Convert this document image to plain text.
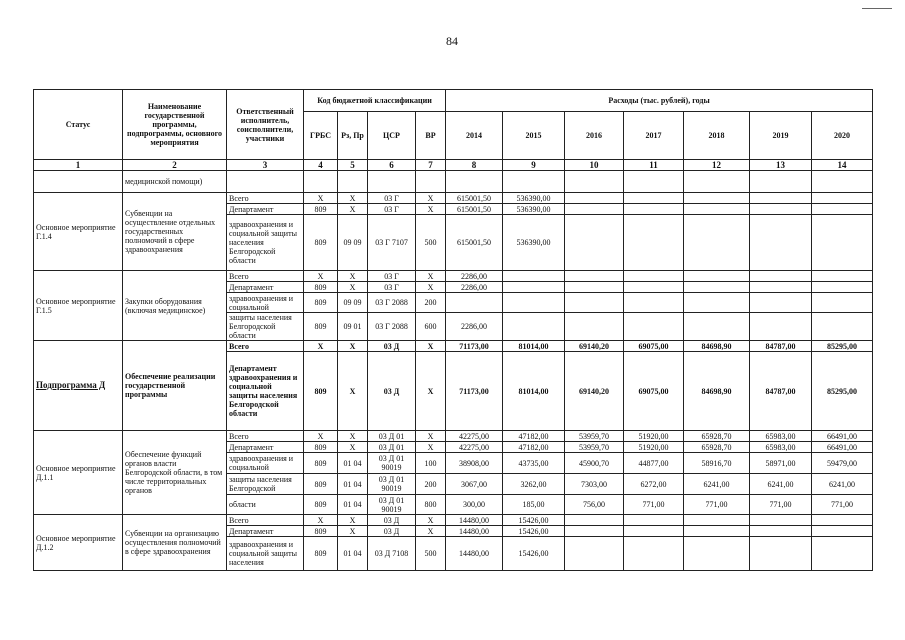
84
Статус	Наименование государственной программы, подпрограммы, основного мероприятия	Ответственный исполнитель, соисполнители, участники	Код бюджетной классификации				Расходы (тыс. рублей), годы						
			ГРБС	Рз, Пр	ЦСР	ВР	2014	2015	2016	2017	2018	2019	2020
1	2	3	4	5	6	7	8	9	10	11	12	13	14
	медицинской помощи)												
Основное мероприятие Г.1.4	Субвенции на осуществление отдельных государственных полномочий в сфере здравоохранения	Всего	X	X	03 Г	X	615001,50	536390,00					
		Департамент	809	X	03 Г	X	615001,50	536390,00					
		здравоохранения и социальной защиты населения Белгородской области	809	09 09	03 Г 7107	500	615001,50	536390,00					
Основное мероприятие Г.1.5	Закупки оборудования (включая медицинское)	Всего	X	X	03 Г	X	2286,00						
		Департамент	809	X	03 Г	X	2286,00						
		здравоохранения и социальной	809	09 09	03 Г 2088	200							
		защиты населения Белгородской области	809	09 01	03 Г 2088	600	2286,00						
Подпрограмма Д	Обеспечение реализации государственной программы	Всего	X	X	03 Д	X	71173,00	81014,00	69140,20	69075,00	84698,90	84787,00	85295,00
		Департамент здравоохранения и социальной защиты населения Белгородской области	809	X	03 Д	X	71173,00	81014,00	69140,20	69075,00	84698,90	84787,00	85295,00
Основное мероприятие Д.1.1	Обеспечение функций органов власти Белгородской области, в том числе территориальных органов	Всего	X	X	03 Д 01	X	42275,00	47182,00	53959,70	51920,00	65928,70	65983,00	66491,00
		Департамент	809	X	03 Д 01	X	42275,00	47182,00	53959,70	51920,00	65928,70	65983,00	66491,00
		здравоохранения и социальной	809	01 04	03 Д 01 90019	100	38908,00	43735,00	45900,70	44877,00	58916,70	58971,00	59479,00
		защиты населения Белгородской	809	01 04	03 Д 01 90019	200	3067,00	3262,00	7303,00	6272,00	6241,00	6241,00	6241,00
		области	809	01 04	03 Д 01 90019	800	300,00	185,00	756,00	771,00	771,00	771,00	771,00
Основное мероприятие Д.1.2	Субвенции на организацию осуществления полномочий в сфере здравоохранения	Всего	X	X	03 Д	X	14480,00	15426,00					
		Департамент	809	X	03 Д	X	14480,00	15426,00					
		здравоохранения и социальной защиты населения	809	01 04	03 Д 7108	500	14480,00	15426,00					
